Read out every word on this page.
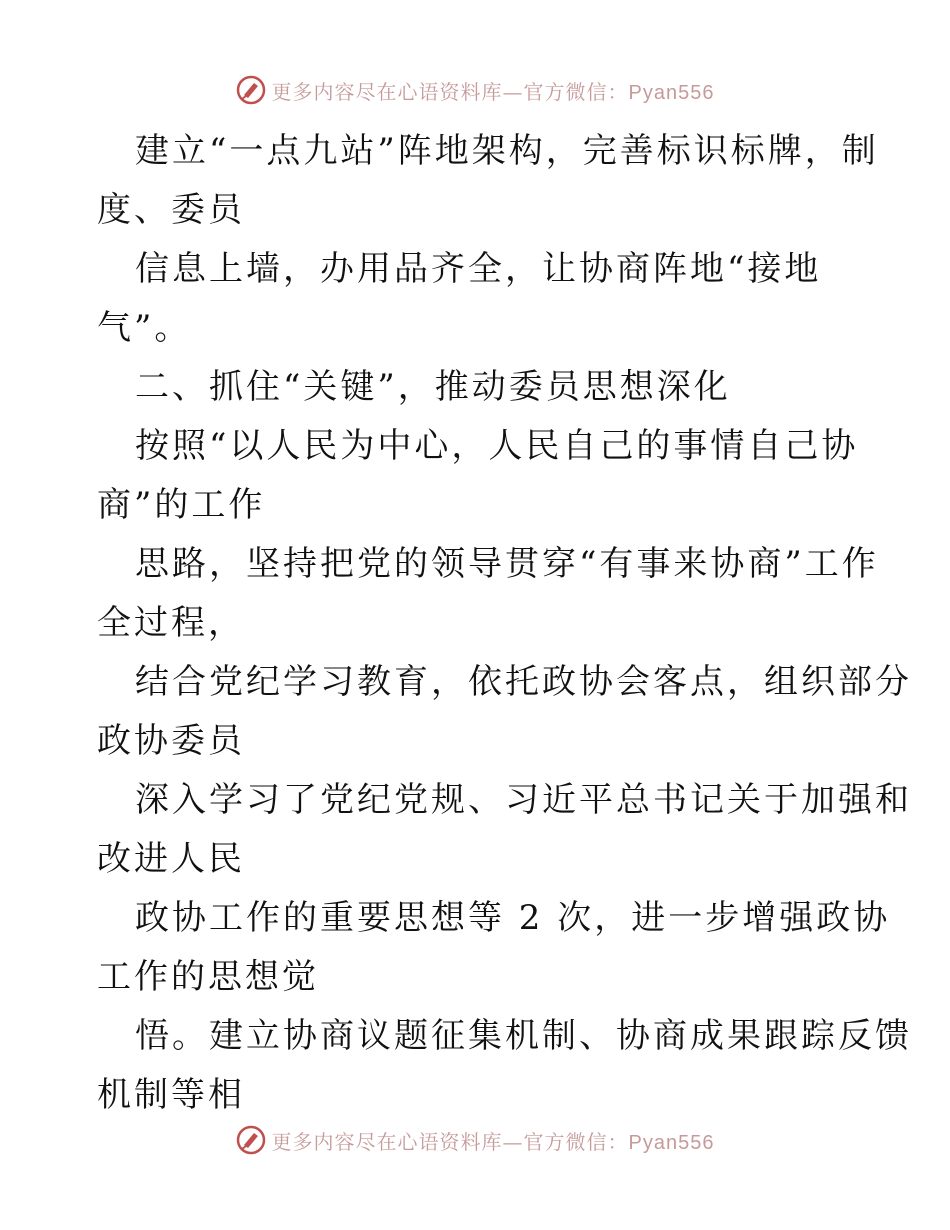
更多内容尽在心语资料库—官方微信：Pyan556
建立“一点九站”阵地架构，完善标识标牌，制
度、委员
信息上墙，办用品齐全，让协商阵地“接地
气”。
二、抓住“关键”，推动委员思想深化
按照“以人民为中心，人民自己的事情自己协
商”的工作
思路，坚持把党的领导贯穿“有事来协商”工作
全过程，
结合党纪学习教育，依托政协会客点，组织部分
政协委员
深入学习了党纪党规、习近平总书记关于加强和
改进人民
政协工作的重要思想等 2 次，进一步增强政协
工作的思想觉
悟。建立协商议题征集机制、协商成果跟踪反馈
机制等相
更多内容尽在心语资料库—官方微信：Pyan556
